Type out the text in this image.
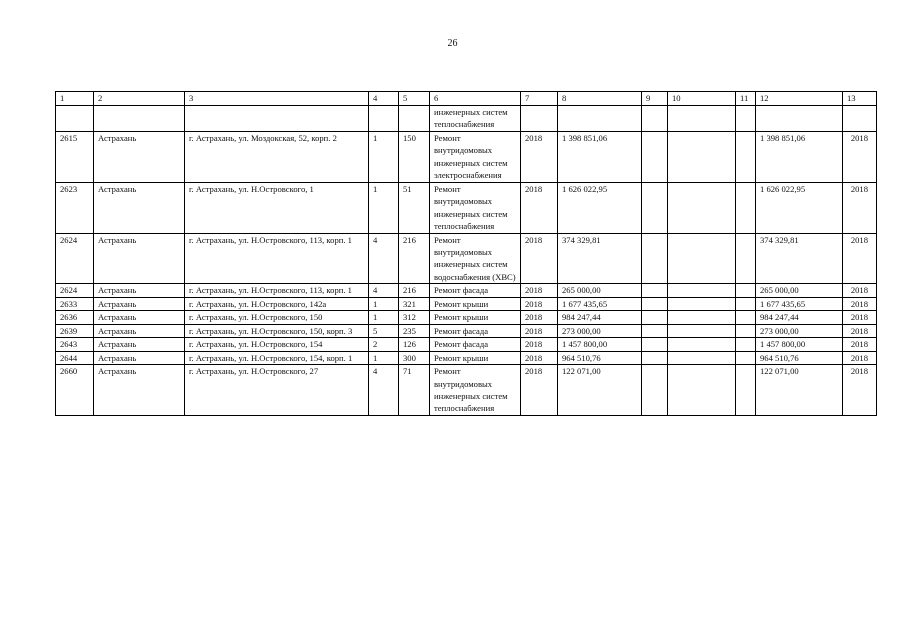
26
1	2	3	4	5	6	7	8	9	10	11	12	13
					инженерных систем теплоснабжения							
2615	Астрахань	г. Астрахань, ул. Моздокская, 52, корп. 2	1	150	Ремонт внутридомовых инженерных систем электроснабжения	2018	1 398 851,06				1 398 851,06	2018
2623	Астрахань	г. Астрахань, ул. Н.Островского, 1	1	51	Ремонт внутридомовых инженерных систем теплоснабжения	2018	1 626 022,95				1 626 022,95	2018
2624	Астрахань	г. Астрахань, ул. Н.Островского, 113, корп. 1	4	216	Ремонт внутридомовых инженерных систем водоснабжения (ХВС)	2018	374 329,81				374 329,81	2018
2624	Астрахань	г. Астрахань, ул. Н.Островского, 113, корп. 1	4	216	Ремонт фасада	2018	265 000,00				265 000,00	2018
2633	Астрахань	г. Астрахань, ул. Н.Островского, 142а	1	321	Ремонт крыши	2018	1 677 435,65				1 677 435,65	2018
2636	Астрахань	г. Астрахань, ул. Н.Островского, 150	1	312	Ремонт крыши	2018	984 247,44				984 247,44	2018
2639	Астрахань	г. Астрахань, ул. Н.Островского, 150, корп. 3	5	235	Ремонт фасада	2018	273 000,00				273 000,00	2018
2643	Астрахань	г. Астрахань, ул. Н.Островского, 154	2	126	Ремонт фасада	2018	1 457 800,00				1 457 800,00	2018
2644	Астрахань	г. Астрахань, ул. Н.Островского, 154, корп. 1	1	300	Ремонт крыши	2018	964 510,76				964 510,76	2018
2660	Астрахань	г. Астрахань, ул. Н.Островского, 27	4	71	Ремонт внутридомовых инженерных систем теплоснабжения	2018	122 071,00				122 071,00	2018
